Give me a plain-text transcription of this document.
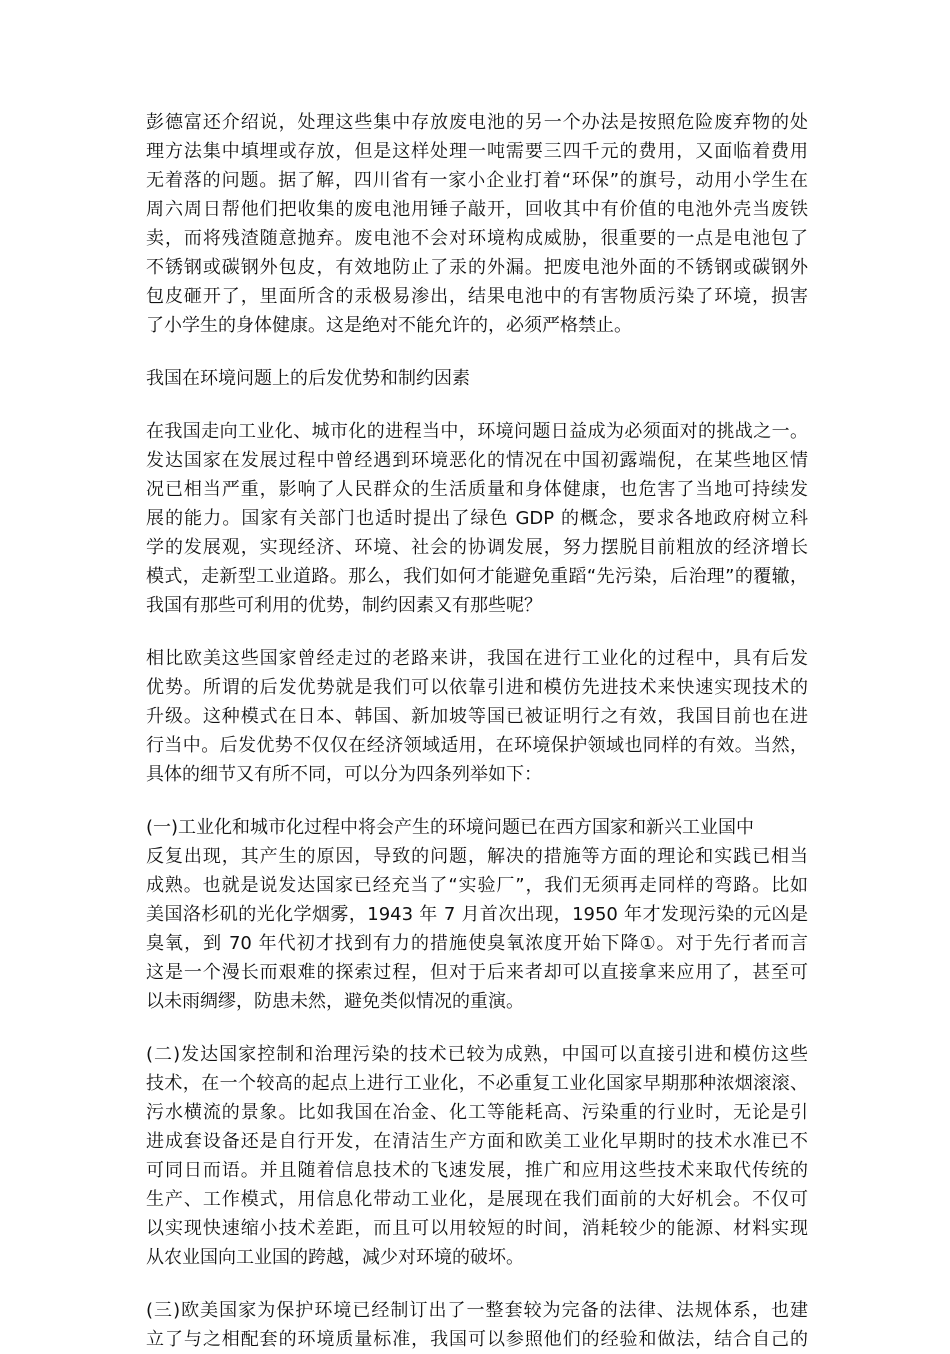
彭德富还介绍说，处理这些集中存放废电池的另一个办法是按照危险废弃物的处
理方法集中填埋或存放，但是这样处理一吨需要三四千元的费用，又面临着费用
无着落的问题。据了解，四川省有一家小企业打着“环保”的旗号，动用小学生在
周六周日帮他们把收集的废电池用锤子敲开，回收其中有价值的电池外壳当废铁
卖，而将残渣随意抛弃。废电池不会对环境构成威胁，很重要的一点是电池包了
不锈钢或碳钢外包皮，有效地防止了汞的外漏。把废电池外面的不锈钢或碳钢外
包皮砸开了，里面所含的汞极易渗出，结果电池中的有害物质污染了环境，损害
了小学生的身体健康。这是绝对不能允许的，必须严格禁止。
我国在环境问题上的后发优势和制约因素
在我国走向工业化、城市化的进程当中，环境问题日益成为必须面对的挑战之一。
发达国家在发展过程中曾经遇到环境恶化的情况在中国初露端倪，在某些地区情
况已相当严重，影响了人民群众的生活质量和身体健康，也危害了当地可持续发
展的能力。国家有关部门也适时提出了绿色 GDP 的概念，要求各地政府树立科
学的发展观，实现经济、环境、社会的协调发展，努力摆脱目前粗放的经济增长
模式，走新型工业道路。那么，我们如何才能避免重蹈“先污染，后治理”的覆辙，
我国有那些可利用的优势，制约因素又有那些呢？
相比欧美这些国家曾经走过的老路来讲，我国在进行工业化的过程中，具有后发
优势。所谓的后发优势就是我们可以依靠引进和模仿先进技术来快速实现技术的
升级。这种模式在日本、韩国、新加坡等国已被证明行之有效，我国目前也在进
行当中。后发优势不仅仅在经济领域适用，在环境保护领域也同样的有效。当然，
具体的细节又有所不同，可以分为四条列举如下：
(一)工业化和城市化过程中将会产生的环境问题已在西方国家和新兴工业国中
反复出现，其产生的原因，导致的问题，解决的措施等方面的理论和实践已相当
成熟。也就是说发达国家已经充当了“实验厂”，我们无须再走同样的弯路。比如
美国洛杉矶的光化学烟雾，1943 年 7 月首次出现，1950 年才发现污染的元凶是
臭氧，到 70 年代初才找到有力的措施使臭氧浓度开始下降①。对于先行者而言
这是一个漫长而艰难的探索过程，但对于后来者却可以直接拿来应用了，甚至可
以未雨绸缪，防患未然，避免类似情况的重演。
(二)发达国家控制和治理污染的技术已较为成熟，中国可以直接引进和模仿这些
技术，在一个较高的起点上进行工业化，不必重复工业化国家早期那种浓烟滚滚、
污水横流的景象。比如我国在冶金、化工等能耗高、污染重的行业时，无论是引
进成套设备还是自行开发，在清洁生产方面和欧美工业化早期时的技术水准已不
可同日而语。并且随着信息技术的飞速发展，推广和应用这些技术来取代传统的
生产、工作模式，用信息化带动工业化，是展现在我们面前的大好机会。不仅可
以实现快速缩小技术差距，而且可以用较短的时间，消耗较少的能源、材料实现
从农业国向工业国的跨越，减少对环境的破坏。
(三)欧美国家为保护环境已经制订出了一整套较为完备的法律、法规体系，也建
立了与之相配套的环境质量标准，我国可以参照他们的经验和做法，结合自己的
